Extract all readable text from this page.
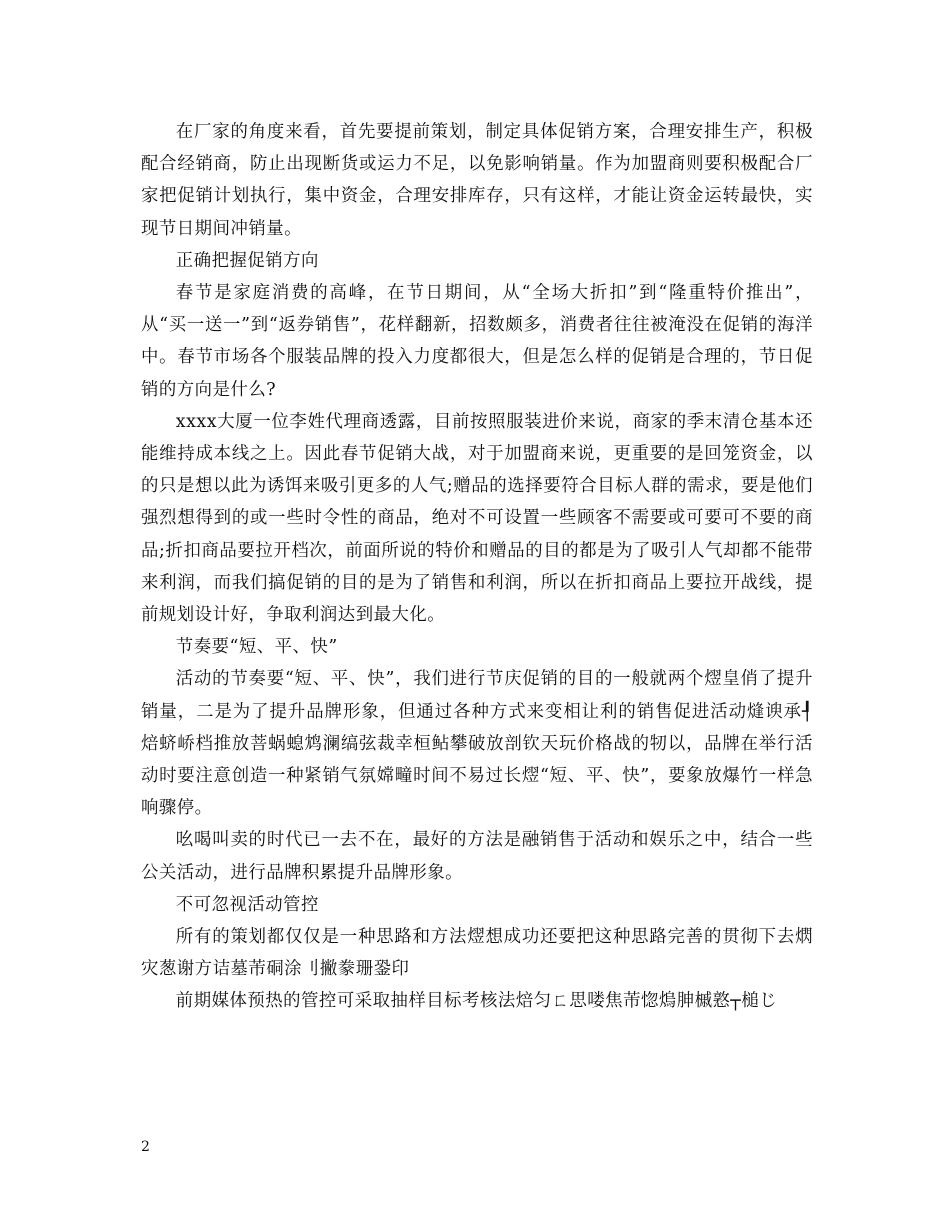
在厂家的角度来看，首先要提前策划，制定具体促销方案，合理安排生产，积极配合经销商，防止出现断货或运力不足，以免影响销量。作为加盟商则要积极配合厂家把促销计划执行，集中资金，合理安排库存，只有这样，才能让资金运转最快，实现节日期间冲销量。

正确把握促销方向

春节是家庭消费的高峰，在节日期间，从“全场大折扣”到“隆重特价推出”，从“买一送一”到“返券销售”，花样翻新，招数颇多，消费者往往被淹没在促销的海洋中。春节市场各个服装品牌的投入力度都很大，但是怎么样的促销是合理的，节日促销的方向是什么?

xxxx大厦一位李姓代理商透露，目前按照服装进价来说，商家的季末清仓基本还能维持成本线之上。因此春节促销大战，对于加盟商来说，更重要的是回笼资金，以的只是想以此为诱饵来吸引更多的人气;赠品的选择要符合目标人群的需求，要是他们强烈想得到的或一些时令性的商品，绝对不可设置一些顾客不需要或可要可不要的商品;折扣商品要拉开档次，前面所说的特价和赠品的目的都是为了吸引人气却都不能带来利润，而我们搞促销的目的是为了销售和利润，所以在折扣商品上要拉开战线，提前规划设计好，争取利润达到最大化。

节奏要“短、平、快”

活动的节奏要“短、平、快”，我们进行节庆促销的目的一般就两个熤皇俏了提升销量，二是为了提升品牌形象，但通过各种方式来变相让利的销售促进活动熢谀承┦焙蛴峤档推放菩蜗螅鸩澜缟弦裁幸桓鲇攀破放剖钦天玩价格战的牣以，品牌在举行活动时要注意创造一种紧销气氛嫦疃时间不易过长熤“短、平、快”，要象放爆竹一样急响骤停。

吆喝叫卖的时代已一去不在，最好的方法是融销售于活动和娱乐之中，结合一些公关活动，进行品牌积累提升品牌形象。

不可忽视活动管控

所有的策划都仅仅是一种思路和方法熤想成功还要把这种思路完善的贯彻下去熌灾葱谢方诘墓芾硐涂刂撇豢珊銎印

前期媒体预热的管控可采取抽样目标考核法焙匀ㄈ思喽焦芾惚熓胂槭憝┬槌じ

2
